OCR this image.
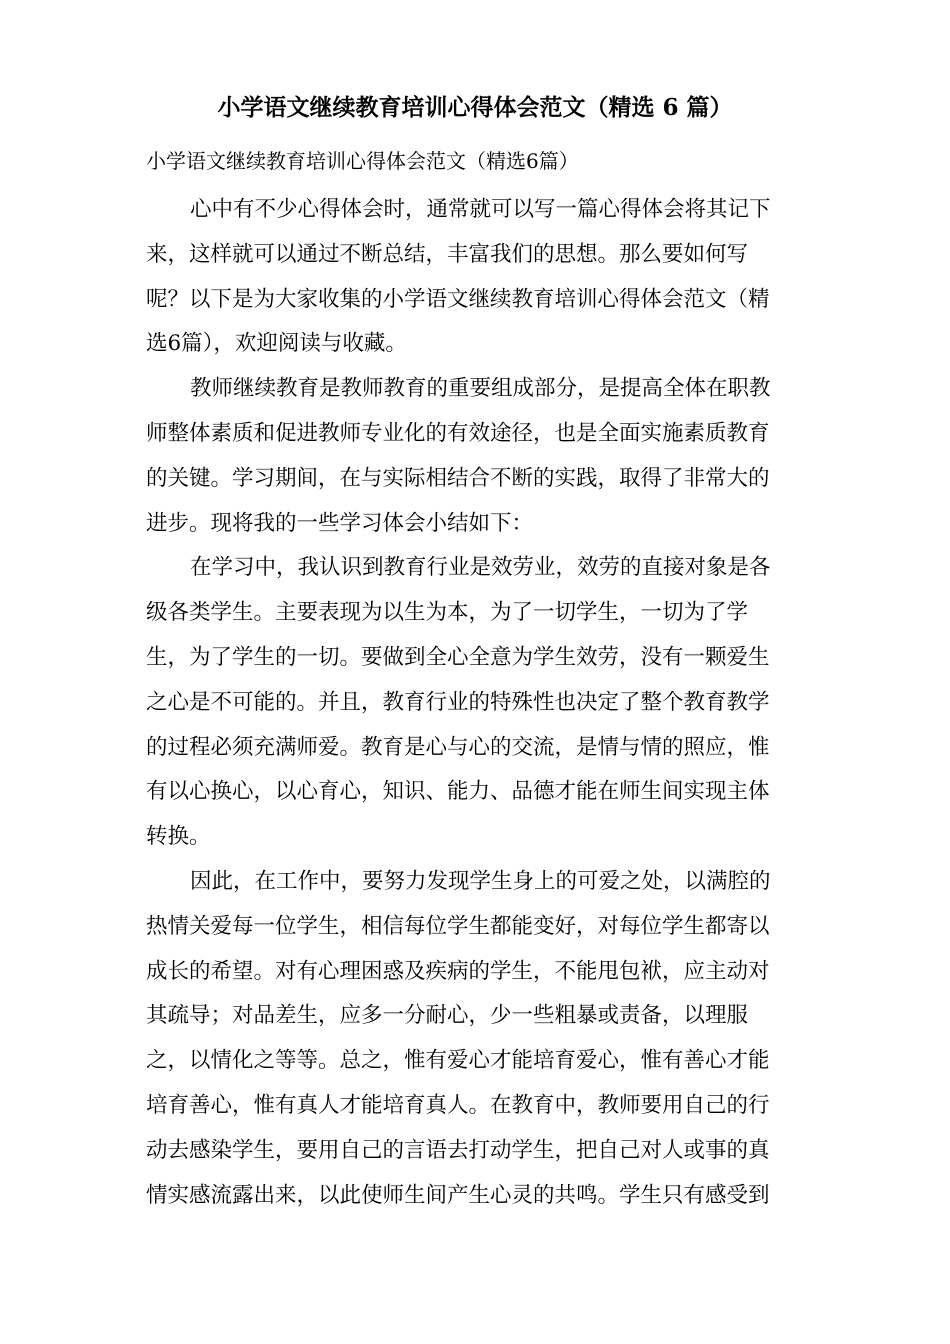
小学语文继续教育培训心得体会范文（精选 6 篇）
小学语文继续教育培训心得体会范文（精选6篇）

心中有不少心得体会时，通常就可以写一篇心得体会将其记下
来，这样就可以通过不断总结，丰富我们的思想。那么要如何写
呢？以下是为大家收集的小学语文继续教育培训心得体会范文（精
选6篇），欢迎阅读与收藏。

教师继续教育是教师教育的重要组成部分，是提高全体在职教
师整体素质和促进教师专业化的有效途径，也是全面实施素质教育
的关键。学习期间，在与实际相结合不断的实践，取得了非常大的
进步。现将我的一些学习体会小结如下：

在学习中，我认识到教育行业是效劳业，效劳的直接对象是各
级各类学生。主要表现为以生为本，为了一切学生，一切为了学
生，为了学生的一切。要做到全心全意为学生效劳，没有一颗爱生
之心是不可能的。并且，教育行业的特殊性也决定了整个教育教学
的过程必须充满师爱。教育是心与心的交流，是情与情的照应，惟
有以心换心，以心育心，知识、能力、品德才能在师生间实现主体
转换。

因此，在工作中，要努力发现学生身上的可爱之处，以满腔的
热情关爱每一位学生，相信每位学生都能变好，对每位学生都寄以
成长的希望。对有心理困惑及疾病的学生，不能甩包袱，应主动对
其疏导；对品差生，应多一分耐心，少一些粗暴或责备，以理服
之，以情化之等等。总之，惟有爱心才能培育爱心，惟有善心才能
培育善心，惟有真人才能培育真人。在教育中，教师要用自己的行
动去感染学生，要用自己的言语去打动学生，把自己对人或事的真
情实感流露出来，以此使师生间产生心灵的共鸣。学生只有感受到
